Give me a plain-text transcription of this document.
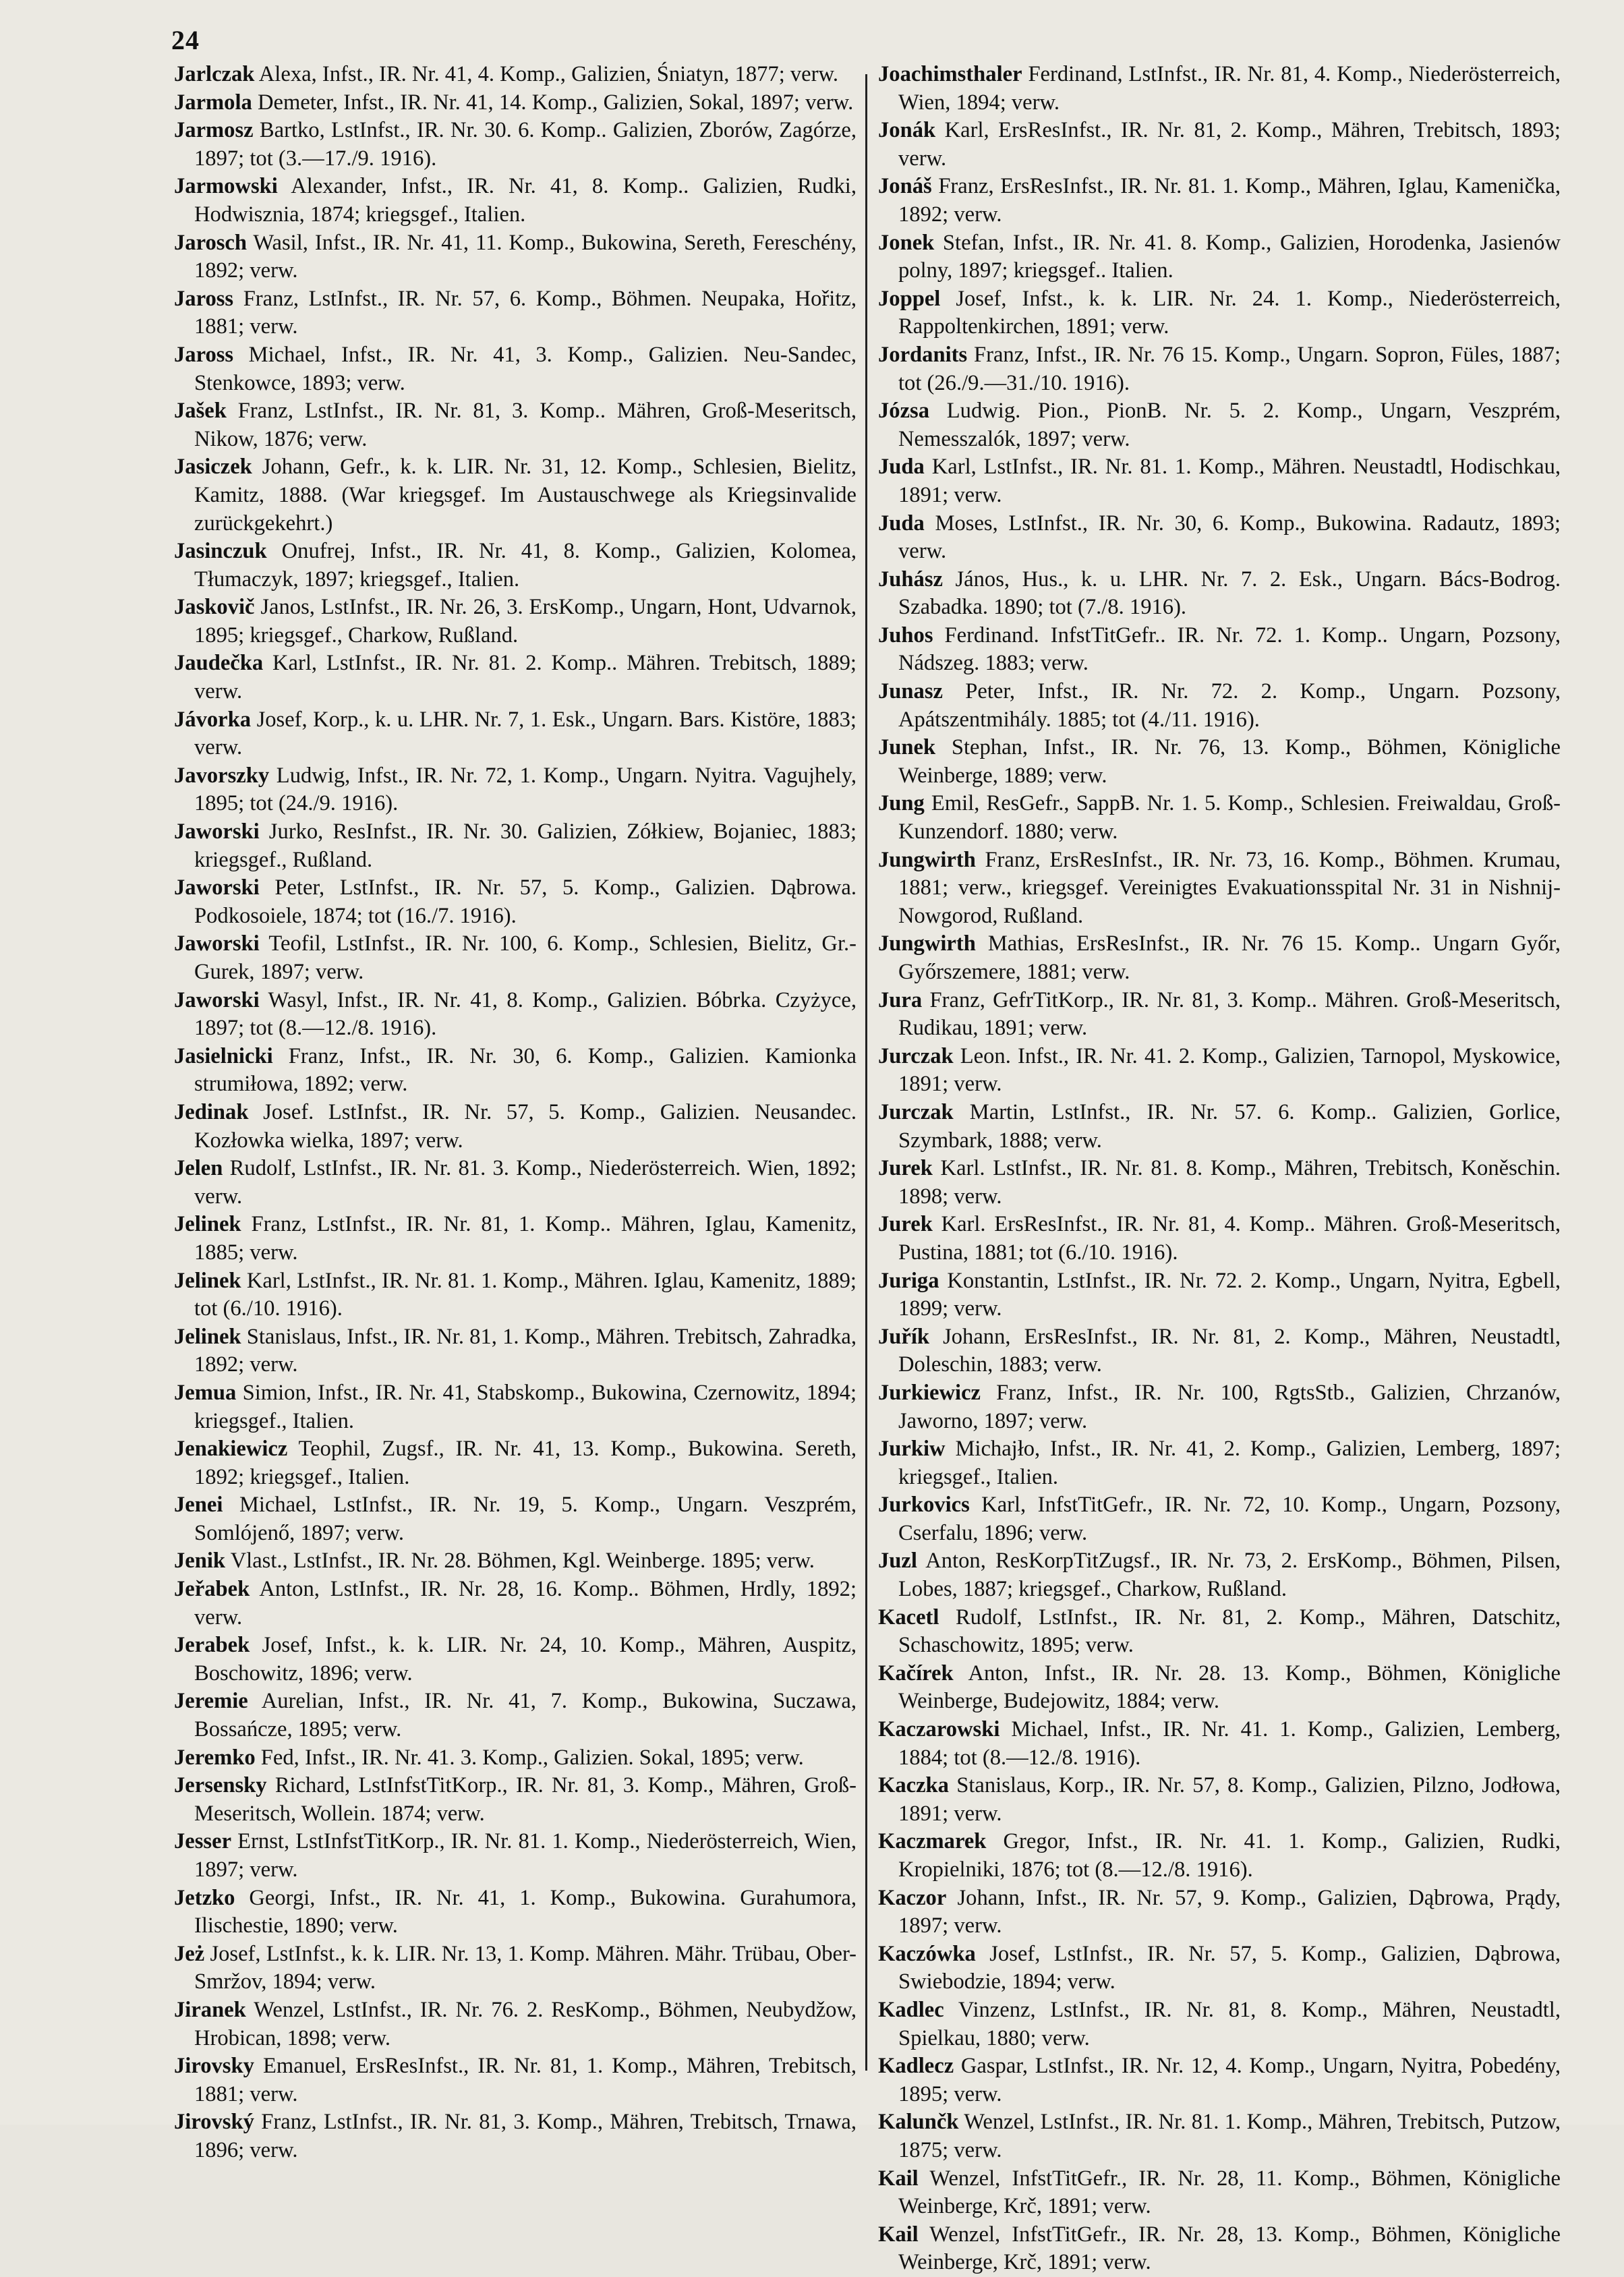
24

Jarlczak Alexa, Infst., IR. Nr. 41, 4. Komp., Galizien, Śniatyn, 1877; verw.

Jarmola Demeter, Infst., IR. Nr. 41, 14. Komp., Galizien, Sokal, 1897; verw.

Jarmosz Bartko, LstInfst., IR. Nr. 30. 6. Komp.. Galizien, Zborów, Zagórze, 1897; tot (3.—17./9. 1916).

Jarmowski Alexander, Infst., IR. Nr. 41, 8. Komp.. Galizien, Rudki, Hodwisznia, 1874; kriegsgef., Italien.

Jarosch Wasil, Infst., IR. Nr. 41, 11. Komp., Bukowina, Sereth, Fereschény, 1892; verw.

Jaross Franz, LstInfst., IR. Nr. 57, 6. Komp., Böhmen. Neupaka, Hořitz, 1881; verw.

Jaross Michael, Infst., IR. Nr. 41, 3. Komp., Galizien. Neu-Sandec, Stenkowce, 1893; verw.

Jašek Franz, LstInfst., IR. Nr. 81, 3. Komp.. Mähren, Groß-Meseritsch, Nikow, 1876; verw.

Jasiczek Johann, Gefr., k. k. LIR. Nr. 31, 12. Komp., Schlesien, Bielitz, Kamitz, 1888. (War kriegsgef. Im Austauschwege als Kriegsinvalide zurückgekehrt.)

Jasinczuk Onufrej, Infst., IR. Nr. 41, 8. Komp., Galizien, Kolomea, Tłumaczyk, 1897; kriegsgef., Italien.

Jaskovič Janos, LstInfst., IR. Nr. 26, 3. ErsKomp., Ungarn, Hont, Udvarnok, 1895; kriegsgef., Charkow, Rußland.

Jaudečka Karl, LstInfst., IR. Nr. 81. 2. Komp.. Mähren. Trebitsch, 1889; verw.

Jávorka Josef, Korp., k. u. LHR. Nr. 7, 1. Esk., Ungarn. Bars. Kistöre, 1883; verw.

Javorszky Ludwig, Infst., IR. Nr. 72, 1. Komp., Ungarn. Nyitra. Vagujhely, 1895; tot (24./9. 1916).

Jaworski Jurko, ResInfst., IR. Nr. 30. Galizien, Zółkiew, Bojaniec, 1883; kriegsgef., Rußland.

Jaworski Peter, LstInfst., IR. Nr. 57, 5. Komp., Galizien. Dąbrowa. Podkosoiele, 1874; tot (16./7. 1916).

Jaworski Teofil, LstInfst., IR. Nr. 100, 6. Komp., Schlesien, Bielitz, Gr.-Gurek, 1897; verw.

Jaworski Wasyl, Infst., IR. Nr. 41, 8. Komp., Galizien. Bóbrka. Czyżyce, 1897; tot (8.—12./8. 1916).

Jasielnicki Franz, Infst., IR. Nr. 30, 6. Komp., Galizien. Kamionka strumiłowa, 1892; verw.

Jedinak Josef. LstInfst., IR. Nr. 57, 5. Komp., Galizien. Neusandec. Kozłowka wielka, 1897; verw.

Jelen Rudolf, LstInfst., IR. Nr. 81. 3. Komp., Niederösterreich. Wien, 1892; verw.

Jelinek Franz, LstInfst., IR. Nr. 81, 1. Komp.. Mähren, Iglau, Kamenitz, 1885; verw.

Jelinek Karl, LstInfst., IR. Nr. 81. 1. Komp., Mähren. Iglau, Kamenitz, 1889; tot (6./10. 1916).

Jelinek Stanislaus, Infst., IR. Nr. 81, 1. Komp., Mähren. Trebitsch, Zahradka, 1892; verw.

Jemua Simion, Infst., IR. Nr. 41, Stabskomp., Bukowina, Czernowitz, 1894; kriegsgef., Italien.

Jenakiewicz Teophil, Zugsf., IR. Nr. 41, 13. Komp., Bukowina. Sereth, 1892; kriegsgef., Italien.

Jenei Michael, LstInfst., IR. Nr. 19, 5. Komp., Ungarn. Veszprém, Somlójenő, 1897; verw.

Jenik Vlast., LstInfst., IR. Nr. 28. Böhmen, Kgl. Weinberge. 1895; verw.

Jeřabek Anton, LstInfst., IR. Nr. 28, 16. Komp.. Böhmen, Hrdly, 1892; verw.

Jerabek Josef, Infst., k. k. LIR. Nr. 24, 10. Komp., Mähren, Auspitz, Boschowitz, 1896; verw.

Jeremie Aurelian, Infst., IR. Nr. 41, 7. Komp., Bukowina, Suczawa, Bossańcze, 1895; verw.

Jeremko Fed, Infst., IR. Nr. 41. 3. Komp., Galizien. Sokal, 1895; verw.

Jersensky Richard, LstInfstTitKorp., IR. Nr. 81, 3. Komp., Mähren, Groß-Meseritsch, Wollein. 1874; verw.

Jesser Ernst, LstInfstTitKorp., IR. Nr. 81. 1. Komp., Niederösterreich, Wien, 1897; verw.

Jetzko Georgi, Infst., IR. Nr. 41, 1. Komp., Bukowina. Gurahumora, Ilischestie, 1890; verw.

Jeż Josef, LstInfst., k. k. LIR. Nr. 13, 1. Komp. Mähren. Mähr. Trübau, Ober-Smržov, 1894; verw.

Jiranek Wenzel, LstInfst., IR. Nr. 76. 2. ResKomp., Böhmen, Neubydžow, Hrobican, 1898; verw.

Jirovsky Emanuel, ErsResInfst., IR. Nr. 81, 1. Komp., Mähren, Trebitsch, 1881; verw.

Jirovský Franz, LstInfst., IR. Nr. 81, 3. Komp., Mähren, Trebitsch, Trnawa, 1896; verw.

Joachimsthaler Ferdinand, LstInfst., IR. Nr. 81, 4. Komp., Niederösterreich, Wien, 1894; verw.

Jonák Karl, ErsResInfst., IR. Nr. 81, 2. Komp., Mähren, Trebitsch, 1893; verw.

Jonáš Franz, ErsResInfst., IR. Nr. 81. 1. Komp., Mähren, Iglau, Kamenička, 1892; verw.

Jonek Stefan, Infst., IR. Nr. 41. 8. Komp., Galizien, Horodenka, Jasienów polny, 1897; kriegsgef.. Italien.

Joppel Josef, Infst., k. k. LIR. Nr. 24. 1. Komp., Niederösterreich, Rappoltenkirchen, 1891; verw.

Jordanits Franz, Infst., IR. Nr. 76 15. Komp., Ungarn. Sopron, Füles, 1887; tot (26./9.—31./10. 1916).

Józsa Ludwig. Pion., PionB. Nr. 5. 2. Komp., Ungarn, Veszprém, Nemesszalók, 1897; verw.

Juda Karl, LstInfst., IR. Nr. 81. 1. Komp., Mähren. Neustadtl, Hodischkau, 1891; verw.

Juda Moses, LstInfst., IR. Nr. 30, 6. Komp., Bukowina. Radautz, 1893; verw.

Juhász János, Hus., k. u. LHR. Nr. 7. 2. Esk., Ungarn. Bács-Bodrog. Szabadka. 1890; tot (7./8. 1916).

Juhos Ferdinand. InfstTitGefr.. IR. Nr. 72. 1. Komp.. Ungarn, Pozsony, Nádszeg. 1883; verw.

Junasz Peter, Infst., IR. Nr. 72. 2. Komp., Ungarn. Pozsony, Apátszentmihály. 1885; tot (4./11. 1916).

Junek Stephan, Infst., IR. Nr. 76, 13. Komp., Böhmen, Königliche Weinberge, 1889; verw.

Jung Emil, ResGefr., SappB. Nr. 1. 5. Komp., Schlesien. Freiwaldau, Groß-Kunzendorf. 1880; verw.

Jungwirth Franz, ErsResInfst., IR. Nr. 73, 16. Komp., Böhmen. Krumau, 1881; verw., kriegsgef. Vereinigtes Evakuationsspital Nr. 31 in Nishnij-Nowgorod, Rußland.

Jungwirth Mathias, ErsResInfst., IR. Nr. 76 15. Komp.. Ungarn Győr, Győrszemere, 1881; verw.

Jura Franz, GefrTitKorp., IR. Nr. 81, 3. Komp.. Mähren. Groß-Meseritsch, Rudikau, 1891; verw.

Jurczak Leon. Infst., IR. Nr. 41. 2. Komp., Galizien, Tarnopol, Myskowice, 1891; verw.

Jurczak Martin, LstInfst., IR. Nr. 57. 6. Komp.. Galizien, Gorlice, Szymbark, 1888; verw.

Jurek Karl. LstInfst., IR. Nr. 81. 8. Komp., Mähren, Trebitsch, Koněschin. 1898; verw.

Jurek Karl. ErsResInfst., IR. Nr. 81, 4. Komp.. Mähren. Groß-Meseritsch, Pustina, 1881; tot (6./10. 1916).

Juriga Konstantin, LstInfst., IR. Nr. 72. 2. Komp., Ungarn, Nyitra, Egbell, 1899; verw.

Juřík Johann, ErsResInfst., IR. Nr. 81, 2. Komp., Mähren, Neustadtl, Doleschin, 1883; verw.

Jurkiewicz Franz, Infst., IR. Nr. 100, RgtsStb., Galizien, Chrzanów, Jaworno, 1897; verw.

Jurkiw Michajło, Infst., IR. Nr. 41, 2. Komp., Galizien, Lemberg, 1897; kriegsgef., Italien.

Jurkovics Karl, InfstTitGefr., IR. Nr. 72, 10. Komp., Ungarn, Pozsony, Cserfalu, 1896; verw.

Juzl Anton, ResKorpTitZugsf., IR. Nr. 73, 2. ErsKomp., Böhmen, Pilsen, Lobes, 1887; kriegsgef., Charkow, Rußland.

Kacetl Rudolf, LstInfst., IR. Nr. 81, 2. Komp., Mähren, Datschitz, Schaschowitz, 1895; verw.

Kačírek Anton, Infst., IR. Nr. 28. 13. Komp., Böhmen, Königliche Weinberge, Budejowitz, 1884; verw.

Kaczarowski Michael, Infst., IR. Nr. 41. 1. Komp., Galizien, Lemberg, 1884; tot (8.—12./8. 1916).

Kaczka Stanislaus, Korp., IR. Nr. 57, 8. Komp., Galizien, Pilzno, Jodłowa, 1891; verw.

Kaczmarek Gregor, Infst., IR. Nr. 41. 1. Komp., Galizien, Rudki, Kropielniki, 1876; tot (8.—12./8. 1916).

Kaczor Johann, Infst., IR. Nr. 57, 9. Komp., Galizien, Dąbrowa, Prądy, 1897; verw.

Kaczówka Josef, LstInfst., IR. Nr. 57, 5. Komp., Galizien, Dąbrowa, Swiebodzie, 1894; verw.

Kadlec Vinzenz, LstInfst., IR. Nr. 81, 8. Komp., Mähren, Neustadtl, Spielkau, 1880; verw.

Kadlecz Gaspar, LstInfst., IR. Nr. 12, 4. Komp., Ungarn, Nyitra, Pobedény, 1895; verw.

Kalunčk Wenzel, LstInfst., IR. Nr. 81. 1. Komp., Mähren, Trebitsch, Putzow, 1875; verw.

Kail Wenzel, InfstTitGefr., IR. Nr. 28, 11. Komp., Böhmen, Königliche Weinberge, Krč, 1891; verw.

Kail Wenzel, InfstTitGefr., IR. Nr. 28, 13. Komp., Böhmen, Königliche Weinberge, Krč, 1891; verw.
